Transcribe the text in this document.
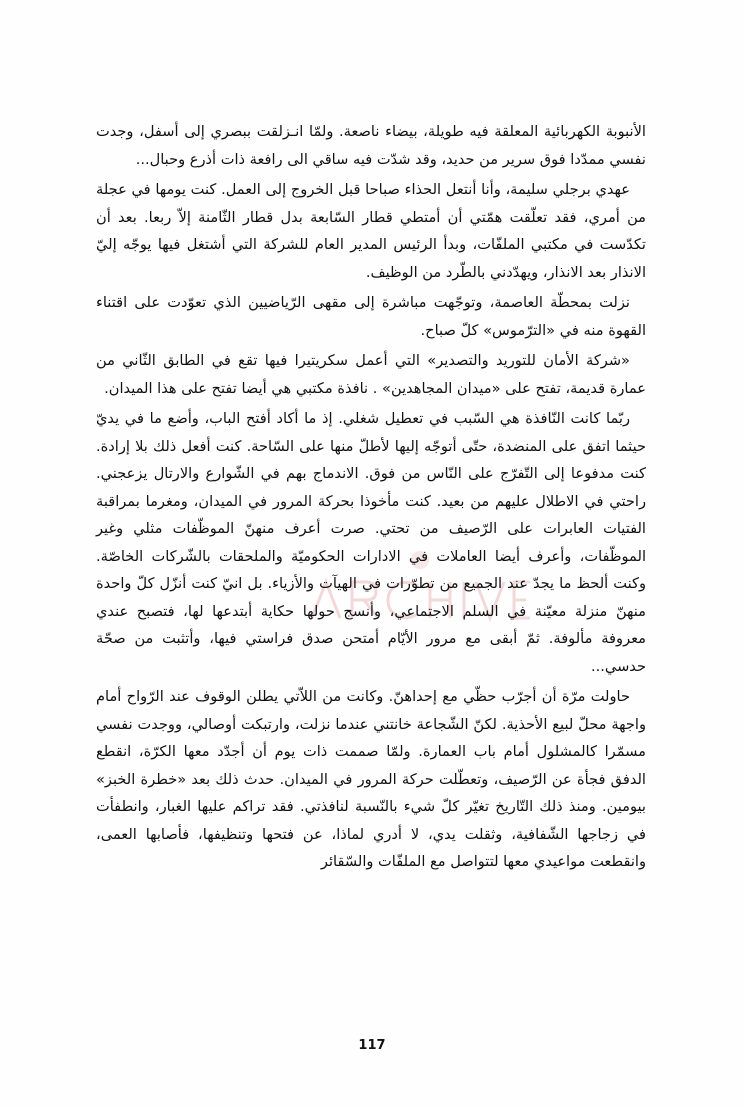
الأنبوبة الكهربائية المعلقة فيه طويلة، بيضاء ناصعة. ولمّا انـزلقت ببصري إلى أسفل، وجدت نفسي ممدّدا فوق سرير من حديد، وقد شدّت فيه ساقي الى رافعة ذات أذرع وحبال...

عهدي برجلي سليمة، وأنا أنتعل الحذاء صباحا قبل الخروج إلى العمل. كنت يومها في عجلة من أمري، فقد تعلّقت همّتي أن أمتطي قطار السّابعة بدل قطار الثّامنة إلاّ ربعا. بعد أن تكدّست في مكتبي الملفّات، وبدأ الرئيس المدير العام للشركة التي أشتغل فيها يوجّه إليّ الانذار بعد الانذار، ويهدّدني بالطّرد من الوظيف.

نزلت بمحطّة العاصمة، وتوجّهت مباشرة إلى مقهى الرّياضيين الذي تعوّدت على اقتناء القهوة منه في «الترّموس» كلّ صباح.

«شركة الأمان للتوريد والتصدير» التي أعمل سكريتيرا فيها تقع في الطابق الثّاني من عمارة قديمة، تفتح على «ميدان المجاهدين» . نافذة مكتبي هي أيضا تفتح على هذا الميدان.

ربّما كانت النّافذة هي السّبب في تعطيل شغلي. إذ ما أكاد أفتح الباب، وأضع ما في يديّ حيثما اتفق على المنضدة، حتّى أتوجّه إليها لأطلّ منها على السّاحة. كنت أفعل ذلك بلا إرادة. كنت مدفوعا إلى التّفرّج على النّاس من فوق. الاندماج بهم في الشّوارع والارتال يزعجني. راحتي في الاطلال عليهم من بعيد. كنت مأخوذا بحركة المرور في الميدان، ومغرما بمراقبة الفتيات العابرات على الرّصيف من تحتي. صرت أعرف منهنّ الموظّفات مثلي وغير الموظّفات، وأعرف أيضا العاملات في الادارات الحكوميّة والملحقات بالشّركات الخاصّة. وكنت ألحظ ما يجدّ عند الجميع من تطوّرات في الهيآت والأزياء. بل انيّ كنت أنزّل كلّ واحدة منهنّ منزلة معيّنة في السلم الاجتماعي، وأنسج حولها حكاية أبتدعها لها، فتصبح عندي معروفة مألوفة. ثمّ أبقى مع مرور الأيّام أمتحن صدق فراستي فيها، وأتثبت من صحّة حدسي...

حاولت مرّة أن أجرّب حظّي مع إحداهنّ. وكانت من اللاّتي يطلن الوقوف عند الرّواح أمام واجهة محلّ لبيع الأحذية. لكنّ الشّجاعة خانتني عندما نزلت، وارتبكت أوصالي، ووجدت نفسي مسمّرا كالمشلول أمام باب العمارة. ولمّا صممت ذات يوم أن أجدّد معها الكرّة، انقطع الدفق فجأة عن الرّصيف، وتعطّلت حركة المرور في الميدان. حدث ذلك بعد «خطرة الخبز» بيومين. ومنذ ذلك التّاريخ تغيّر كلّ شيء بالنّسبة لنافذتي. فقد تراكم عليها الغبار، وانطفأت في زجاجها الشّفافية، وثقلت يدي، لا أدري لماذا، عن فتحها وتنظيفها، فأصابها العمى، وانقطعت مواعيدي معها لتتواصل مع الملفّات والسّقائر

117
